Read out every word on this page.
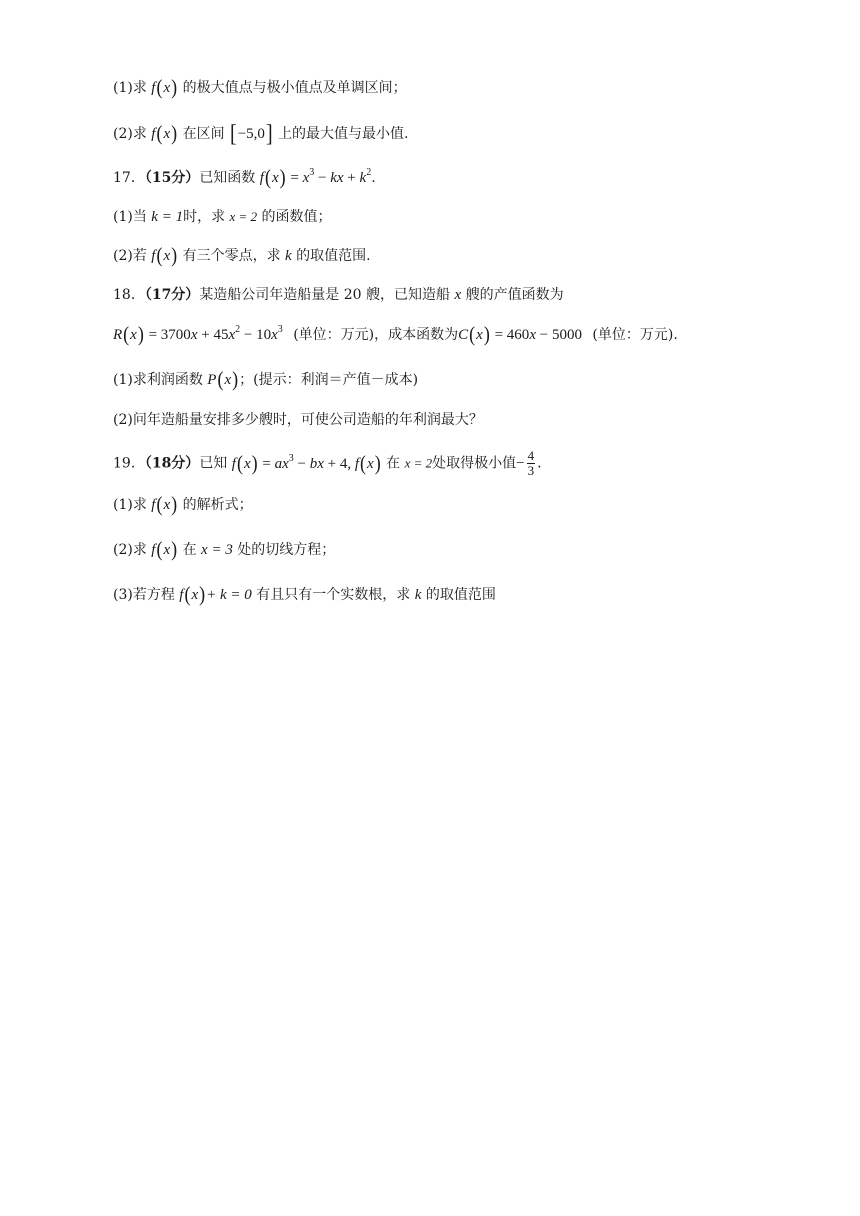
(1)求 f(x) 的极大值点与极小值点及单调区间；
(2)求 f(x) 在区间 [−5,0] 上的最大值与最小值.
17．（15分）已知函数 $f(x) = x^3$ − kx + $k^2$.
(1)当 k = 1时，求 x = 2 的函数值；
(2)若 f(x) 有三个零点，求 k 的取值范围.
18．（17分）某造船公司年造船量是 20 艘，已知造船 x 艘的产值函数为
$R(x) = 3700x + 45x^2 - 10x^3$ (单位：万元)，成本函数为C(x) = 460x − 5000 (单位：万元).
(1)求利润函数 P(x)；(提示：利润＝产值－成本)
(2)问年造船量安排多少艘时，可使公司造船的年利润最大？
19．（18分）已知 $f(x) = ax^3$ − bx + 4, f(x) 在 x = 2处取得极小值− $\frac{4}{3}$ .
(1)求 f(x) 的解析式；
(2)求 f(x) 在 x = 3 处的切线方程；
(3)若方程 f(x)+ k = 0 有且只有一个实数根，求 k 的取值范围
